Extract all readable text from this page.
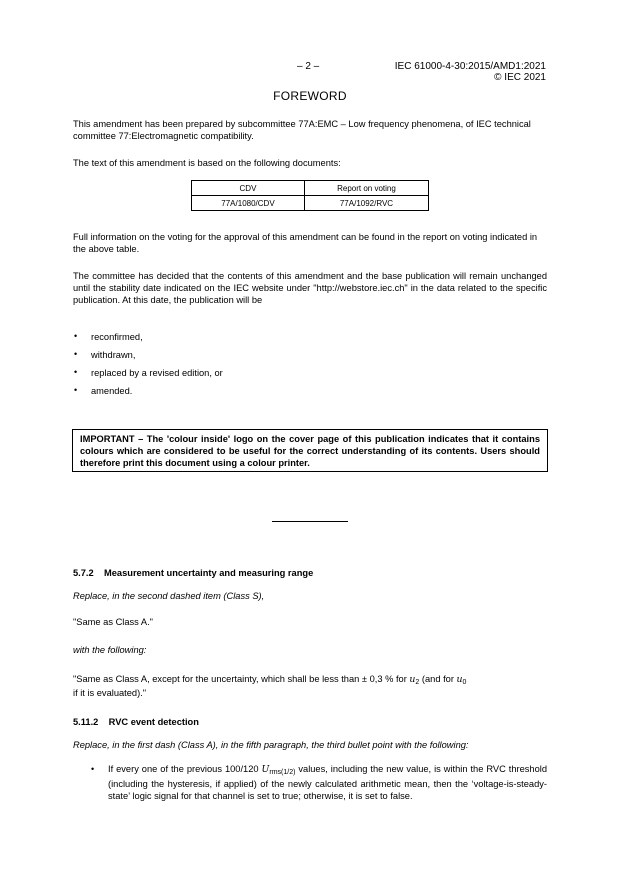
– 2 –	IEC 61000-4-30:2015/AMD1:2021
© IEC 2021
FOREWORD
This amendment has been prepared by subcommittee 77A:EMC – Low frequency phenomena, of IEC technical committee 77:Electromagnetic compatibility.
The text of this amendment is based on the following documents:
CDV	Report on voting
77A/1080/CDV	77A/1092/RVC
Full information on the voting for the approval of this amendment can be found in the report on voting indicated in the above table.
The committee has decided that the contents of this amendment and the base publication will remain unchanged until the stability date indicated on the IEC website under "http://webstore.iec.ch" in the data related to the specific publication. At this date, the publication will be
• reconfirmed,
• withdrawn,
• replaced by a revised edition, or
• amended.
IMPORTANT – The 'colour inside' logo on the cover page of this publication indicates that it contains colours which are considered to be useful for the correct understanding of its contents. Users should therefore print this document using a colour printer.
5.7.2    Measurement uncertainty and measuring range
Replace, in the second dashed item (Class S),
"Same as Class A."
with the following:
"Same as Class A, except for the uncertainty, which shall be less than ± 0,3 % for $u_2$ (and for $u_0$
if it is evaluated)."
5.11.2    RVC event detection
Replace, in the first dash (Class A), in the fifth paragraph, the third bullet point with the following:
• If every one of the previous 100/120 $U_{rms(1/2)}$ values, including the new value, is within the RVC threshold (including the hysteresis, if applied) of the newly calculated arithmetic mean, then the ‘voltage-is-steady-state’ logic signal for that channel is set to true; otherwise, it is set to false.
